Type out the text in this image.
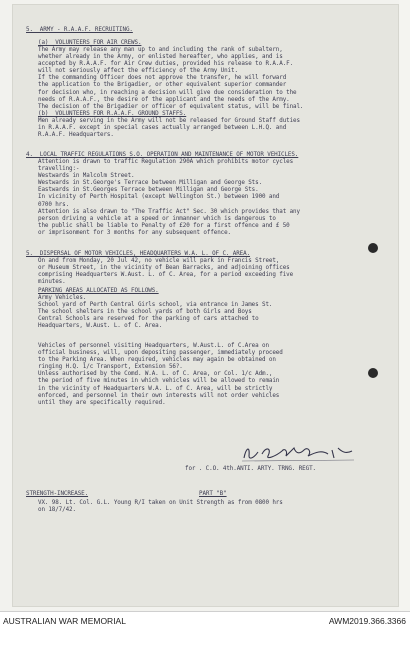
5.  ARMY - R.A.A.F. RECRUITING.
(a)  VOLUNTEERS FOR AIR CREWS.
The Army may release any man up to and including the rank of subaltern,
whether already in the Army, or enlisted hereafter, who applies, and is
accepted by R.A.A.F. for Air Crew duties, provided his release to R.A.A.F.
will not seriously affect the efficiency of the Army Unit.
If the commanding Officer does not approve the transfer, he will forward
the application to the Brigadier, or other equivalent superior commander
for decision who, in reaching a decision will give due consideration to the
needs of R.A.A.F., the desire of the applicant and the needs of the Army.
The decision of the Brigadier or officer of equivalent status, will be final.
(b)  VOLUNTEERS FOR R.A.A.F. GROUND STAFFS.
Men already serving in the Army will not be released for Ground Staff duties
in R.A.A.F. except in special cases actually arranged between L.H.Q. and
R.A.A.F. Headquarters.
4.  LOCAL TRAFFIC REGULATIONS S.O. OPERATION AND MAINTENANCE OF MOTOR VEHICLES.
Attention is drawn to traffic Regulation 290A which prohibits motor cycles
travelling:-
Westwards in Malcolm Street.
Westwards in St.George's Terrace between Milligan and George Sts.
Eastwards in St.Georges Terrace between Milligan and George Sts.
In vicinity of Perth Hospital (except Wellington St.) between 1900 and
0700 hrs.
Attention is also drawn to "The Traffic Act" Sec. 30 which provides that any
person driving a vehicle at a speed or inmanner which is dangerous to
the public shall be liable to Penalty of £20 for a first offence and £ 50
or imprisonment for 3 months for any subsequent offence.
5.  DISPERSAL OF MOTOR VEHICLES, HEADQUARTERS W.A. L. OF C. AREA.
On and from Monday, 20 Jul 42, no vehicle will park in Francis Street,
or Museum Street, in the vicinity of Bean Barracks, and adjoining offices
comprising Headquarters W.Aust. L. of C. Area, for a period exceeding five
minutes.
PARKING AREAS ALLOCATED AS FOLLOWS.
Army Vehicles.
School yard of Perth Central Girls school, via entrance in James St.
The school shelters in the school yards of both Girls and Boys
Central Schools are reserved for the parking of cars attached to
Headquarters, W.Aust. L. of C. Area.
Vehicles of personnel visiting Headquarters, W.Aust.L. of C.Area on
official business, will, upon depositing passenger, immediately proceed
to the Parking Area. When required, vehicles may again be obtained on
ringing H.Q. 1/c Transport, Extension 56?.
Unless authorised by the Comd. W.A. L. of C. Area, or Col. 1/c Adm.,
the period of five minutes in which vehicles will be allowed to remain
in the vicinity of Headquarters W.A. L. of C. Area, will be strictly
enforced, and personnel in their own interests will not order vehicles
until they are specifically required.
for . C.O. 4th.ANTI. ARTY. TRNG. REGT.
STRENGTH-INCREASE.	PART "B"
VX. 98. Lt. Col. G.L. Young R/I taken on Unit Strength as from 0800 hrs
on 18/7/42.
AUSTRALIAN WAR MEMORIAL	AWM2019.366.3366
